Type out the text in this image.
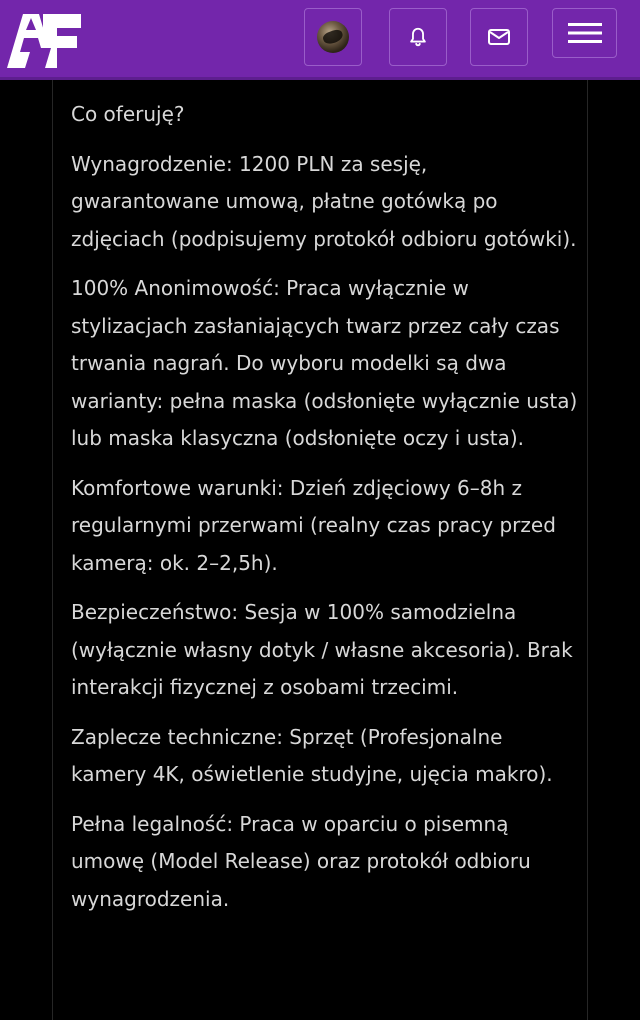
Co oferuję?

Wynagrodzenie: 1200 PLN za sesję, gwarantowane umową, płatne gotówką po zdjęciach (podpisujemy protokół odbioru gotówki).

100% Anonimowość: Praca wyłącznie w stylizacjach zasłaniających twarz przez cały czas trwania nagrań. Do wyboru modelki są dwa warianty: pełna maska (odsłonięte wyłącznie usta) lub maska klasyczna (odsłonięte oczy i usta).

Komfortowe warunki: Dzień zdjęciowy 6–8h z regularnymi przerwami (realny czas pracy przed kamerą: ok. 2–2,5h).

Bezpieczeństwo: Sesja w 100% samodzielna (wyłącznie własny dotyk / własne akcesoria). Brak interakcji fizycznej z osobami trzecimi.

Zaplecze techniczne: Sprzęt (Profesjonalne kamery 4K, oświetlenie studyjne, ujęcia makro).

Pełna legalność: Praca w oparciu o pisemną umowę (Model Release) oraz protokół odbioru wynagrodzenia.
